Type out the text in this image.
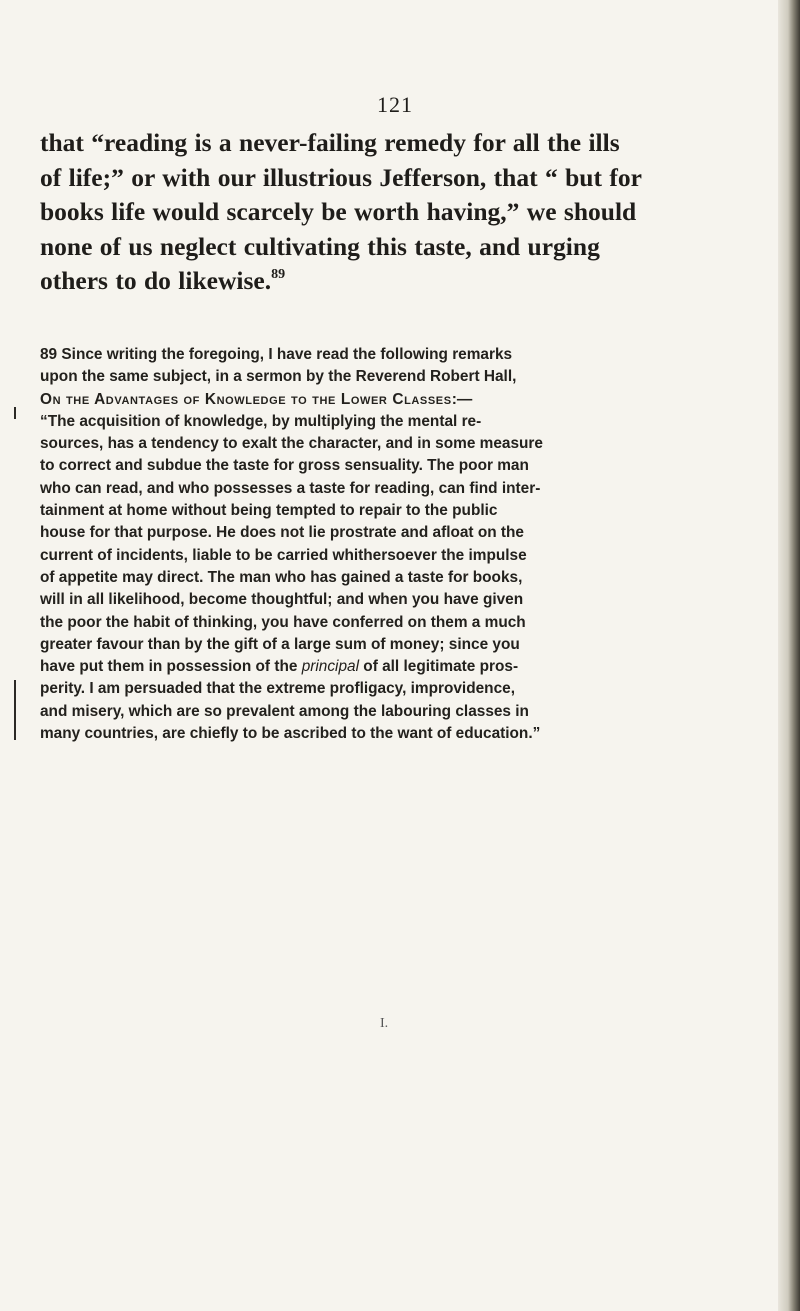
121
that “reading is a never-failing remedy for all the ills
of life;” or with our illustrious Jefferson, that “ but for
books life would scarcely be worth having,” we should
none of us neglect cultivating this taste, and urging
others to do likewise.$^{89}$
89 Since writing the foregoing, I have read the following remarks
upon the same subject, in a sermon by the Reverend Robert Hall,
On the Advantages of Knowledge to the Lower Classes:—
“The acquisition of knowledge, by multiplying the mental re-
sources, has a tendency to exalt the character, and in some measure
to correct and subdue the taste for gross sensuality. The poor man
who can read, and who possesses a taste for reading, can find inter-
tainment at home without being tempted to repair to the public
house for that purpose. He does not lie prostrate and afloat on the
current of incidents, liable to be carried whithersoever the impulse
of appetite may direct. The man who has gained a taste for books,
will in all likelihood, become thoughtful; and when you have given
the poor the habit of thinking, you have conferred on them a much
greater favour than by the gift of a large sum of money; since you
have put them in possession of the principal of all legitimate pros-
perity. I am persuaded that the extreme profligacy, improvidence,
and misery, which are so prevalent among the labouring classes in
many countries, are chiefly to be ascribed to the want of education.”
I.
